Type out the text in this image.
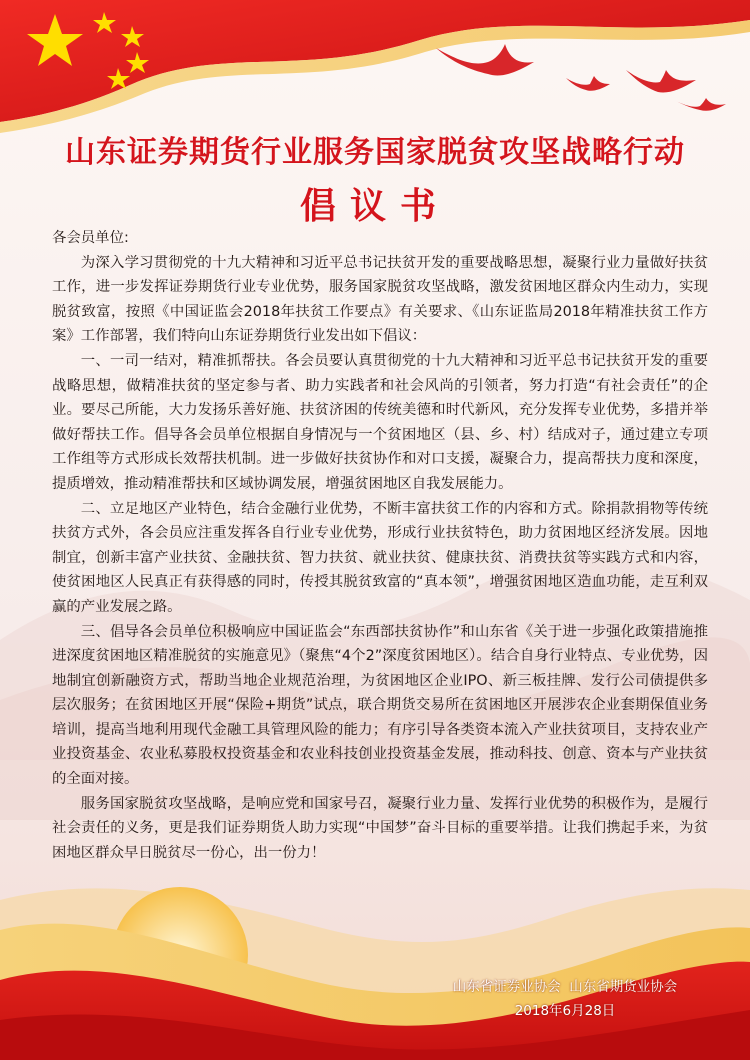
山东证券期货行业服务国家脱贫攻坚战略行动
倡议书

各会员单位:

为深入学习贯彻党的十九大精神和习近平总书记扶贫开发的重要战略思想，凝聚行业力量做好扶贫工作，进一步发挥证券期货行业专业优势，服务国家脱贫攻坚战略，激发贫困地区群众内生动力，实现脱贫致富，按照《中国证监会2018年扶贫工作要点》有关要求、《山东证监局2018年精准扶贫工作方案》工作部署，我们特向山东证券期货行业发出如下倡议：

一、一司一结对，精准抓帮扶。各会员要认真贯彻党的十九大精神和习近平总书记扶贫开发的重要战略思想，做精准扶贫的坚定参与者、助力实践者和社会风尚的引领者，努力打造“有社会责任”的企业。要尽己所能，大力发扬乐善好施、扶贫济困的传统美德和时代新风，充分发挥专业优势，多措并举做好帮扶工作。倡导各会员单位根据自身情况与一个贫困地区（县、乡、村）结成对子，通过建立专项工作组等方式形成长效帮扶机制。进一步做好扶贫协作和对口支援，凝聚合力，提高帮扶力度和深度，提质增效，推动精准帮扶和区域协调发展，增强贫困地区自我发展能力。

二、立足地区产业特色，结合金融行业优势，不断丰富扶贫工作的内容和方式。除捐款捐物等传统扶贫方式外，各会员应注重发挥各自行业专业优势，形成行业扶贫特色，助力贫困地区经济发展。因地制宜，创新丰富产业扶贫、金融扶贫、智力扶贫、就业扶贫、健康扶贫、消费扶贫等实践方式和内容，使贫困地区人民真正有获得感的同时，传授其脱贫致富的“真本领”，增强贫困地区造血功能，走互利双赢的产业发展之路。

三、倡导各会员单位积极响应中国证监会“东西部扶贫协作”和山东省《关于进一步强化政策措施推进深度贫困地区精准脱贫的实施意见》（聚焦“4个2”深度贫困地区）。结合自身行业特点、专业优势，因地制宜创新融资方式，帮助当地企业规范治理，为贫困地区企业IPO、新三板挂牌、发行公司债提供多层次服务；在贫困地区开展“保险+期货”试点，联合期货交易所在贫困地区开展涉农企业套期保值业务培训，提高当地利用现代金融工具管理风险的能力；有序引导各类资本流入产业扶贫项目，支持农业产业投资基金、农业私募股权投资基金和农业科技创业投资基金发展，推动科技、创意、资本与产业扶贫的全面对接。

服务国家脱贫攻坚战略，是响应党和国家号召，凝聚行业力量、发挥行业优势的积极作为，是履行社会责任的义务，更是我们证券期货人助力实现“中国梦”奋斗目标的重要举措。让我们携起手来，为贫困地区群众早日脱贫尽一份心，出一份力！

山东省证券业协会  山东省期货业协会
2018年6月28日
